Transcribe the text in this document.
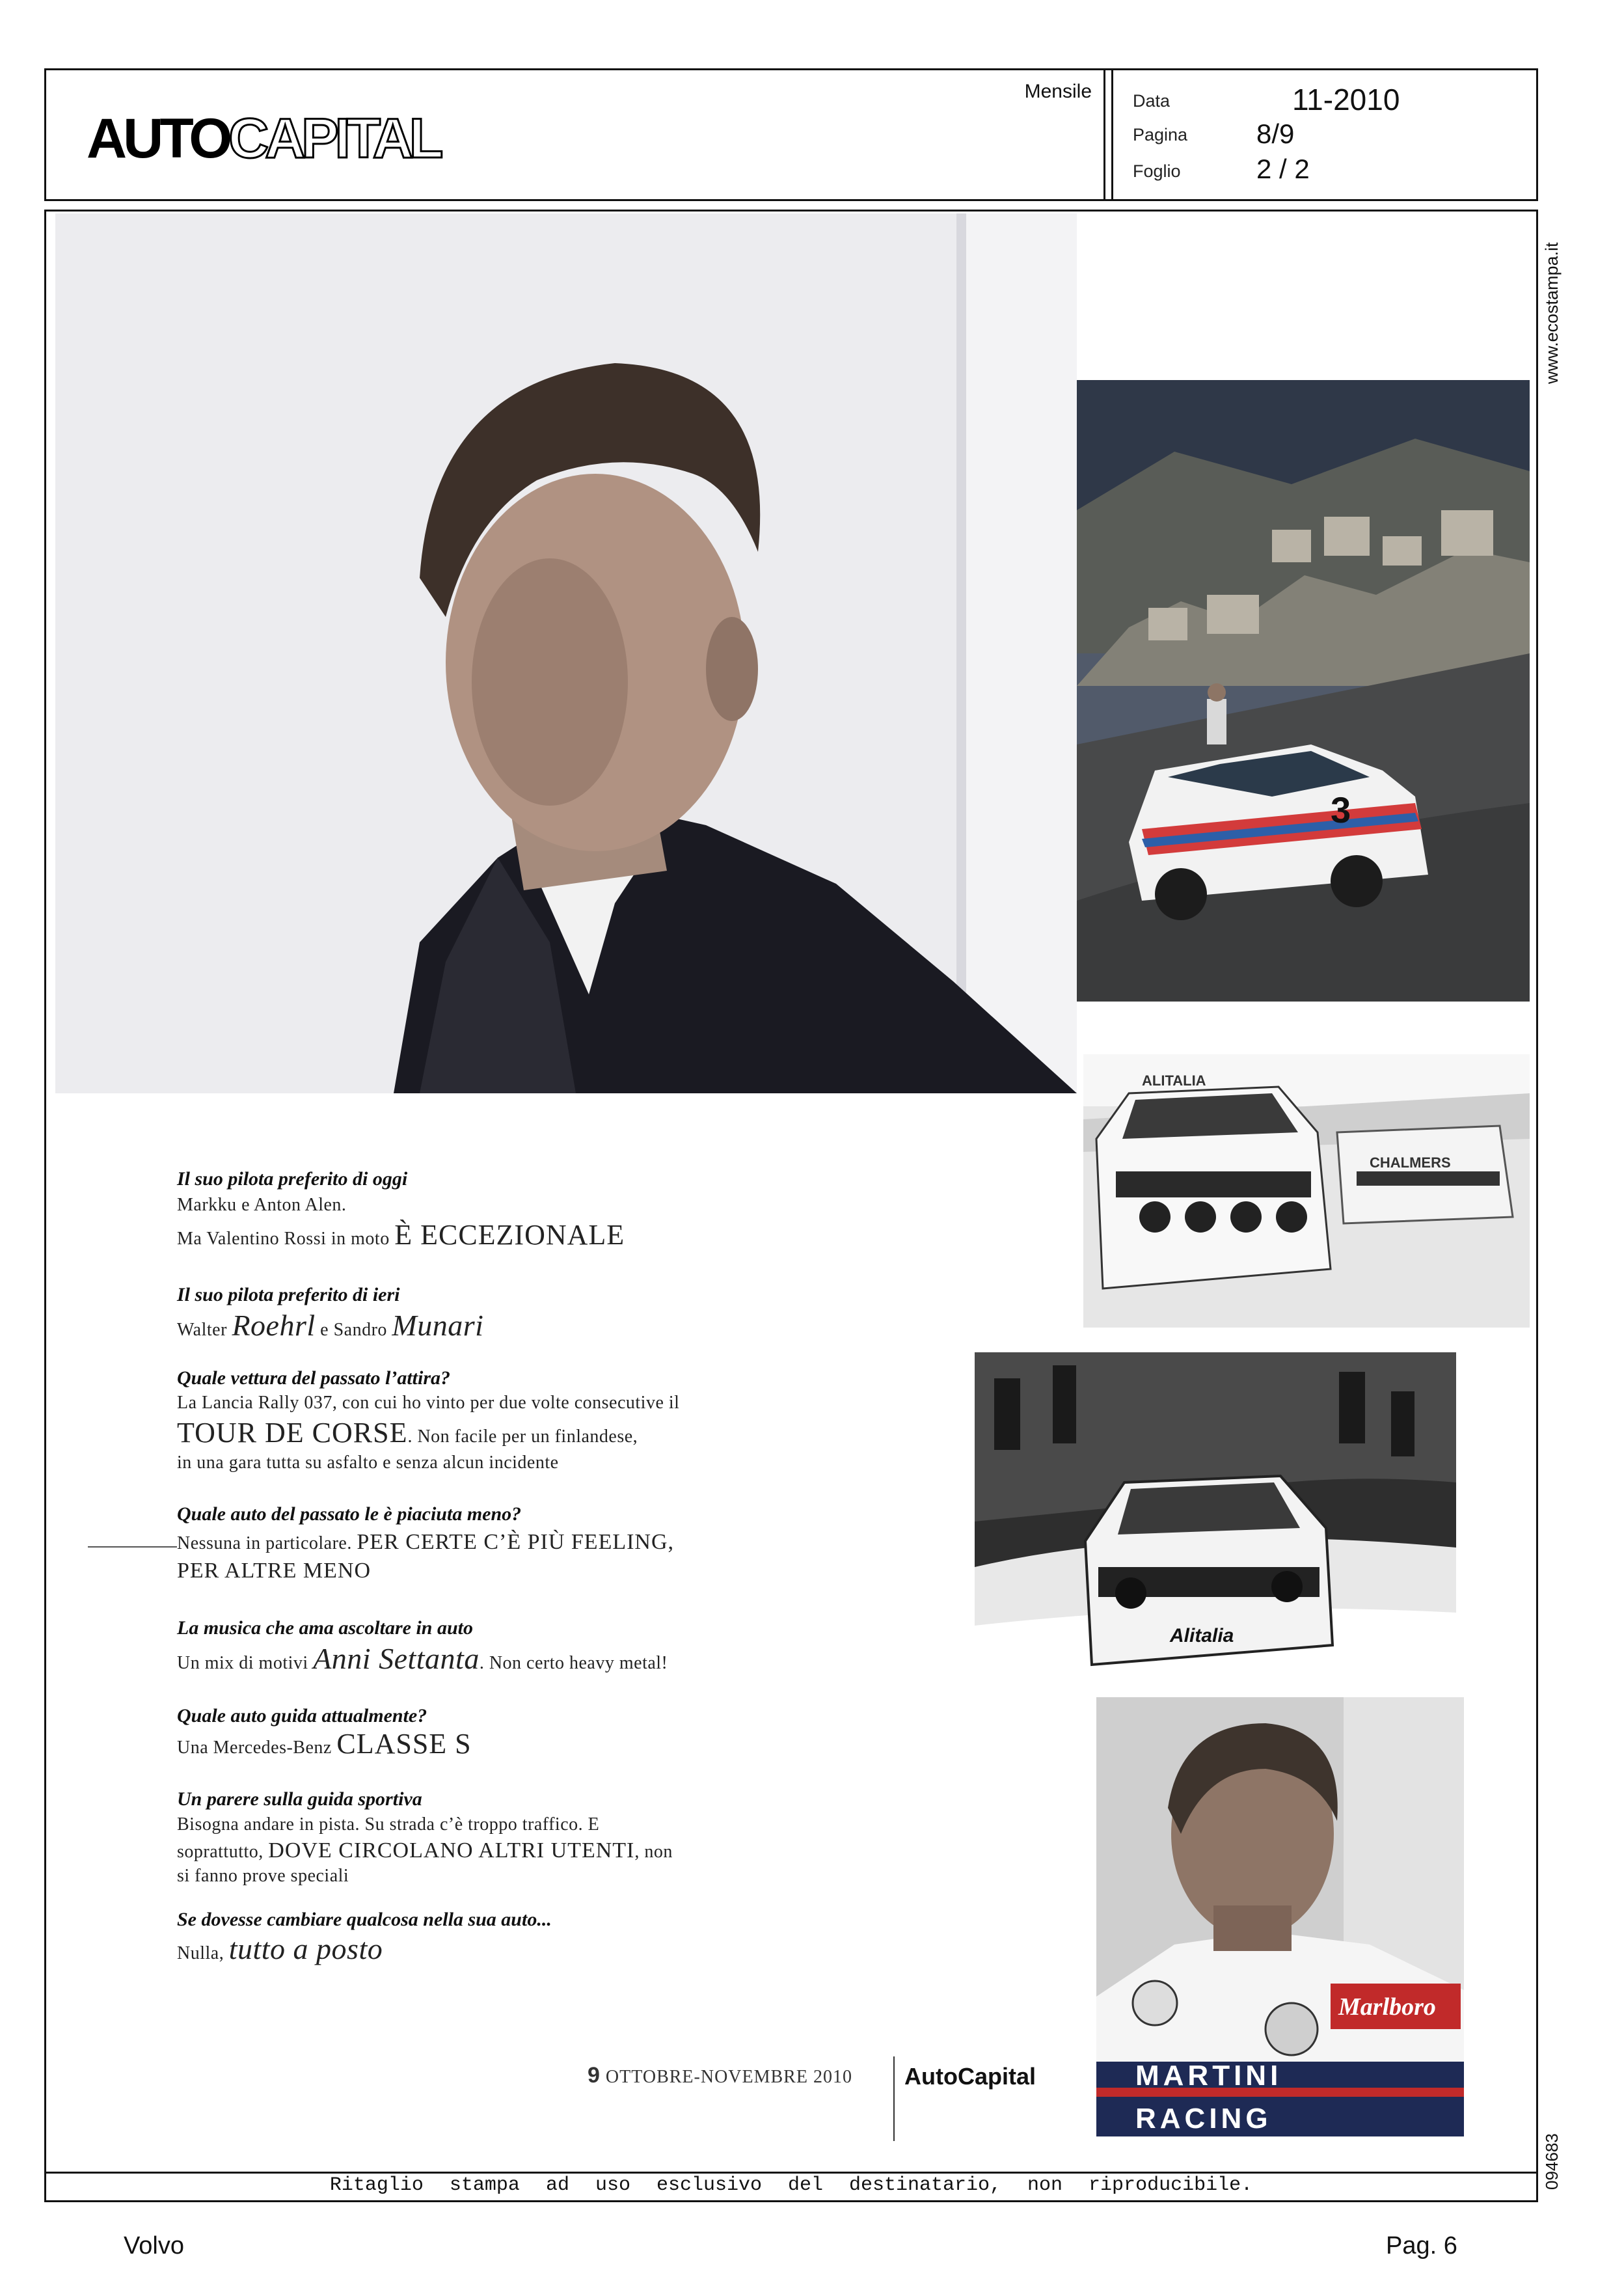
AUTOCAPITAL
Mensile Data	11-2010
Pagina	8/9
Foglio	2 / 2
www.ecostampa.it
094683
Ritaglio stampa ad uso esclusivo del destinatario, non riproducibile.
3
CHALMERS
ALITALIA
Alitalia
Marlboro
MARTINI
RACING
Il suo pilota preferito di oggi
Markku e Anton Alen.
Ma Valentino Rossi in moto È ECCEZIONALE
Il suo pilota preferito di ieri
Walter Roehrl e Sandro Munari
Quale vettura del passato l’attira?
La Lancia Rally 037, con cui ho vinto per due volte consecutive il
TOUR DE CORSE. Non facile per un finlandese,
in una gara tutta su asfalto e senza alcun incidente
Quale auto del passato le è piaciuta meno?
Nessuna in particolare. PER CERTE C’È PIÙ FEELING,
PER ALTRE MENO
La musica che ama ascoltare in auto
Un mix di motivi Anni Settanta. Non certo heavy metal!
Quale auto guida attualmente?
Una Mercedes-Benz CLASSE S
Un parere sulla guida sportiva
Bisogna andare in pista. Su strada c’è troppo traffico. E
soprattutto, DOVE CIRCOLANO ALTRI UTENTI, non
si fanno prove speciali
Se dovesse cambiare qualcosa nella sua auto...
Nulla, tutto a posto
9 OTTOBRE-NOVEMBRE 2010 AutoCapital
Volvo	Pag. 6
